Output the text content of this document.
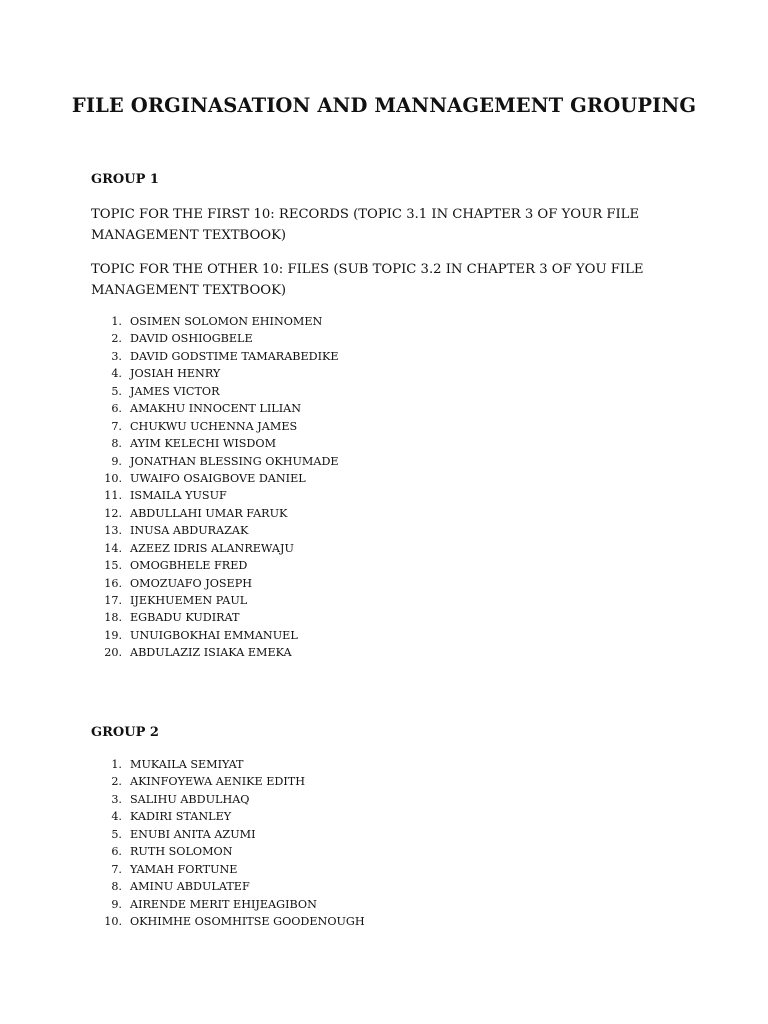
FILE ORGINASATION AND MANNAGEMENT GROUPING
GROUP 1

TOPIC FOR THE FIRST 10: RECORDS (TOPIC 3.1 IN CHAPTER 3 OF YOUR FILE MANAGEMENT TEXTBOOK)

TOPIC FOR THE OTHER 10: FILES (SUB TOPIC 3.2 IN CHAPTER 3 OF YOU FILE MANAGEMENT TEXTBOOK)

1. OSIMEN SOLOMON EHINOMEN
2. DAVID OSHIOGBELE
3. DAVID GODSTIME TAMARABEDIKE
4. JOSIAH HENRY
5. JAMES VICTOR
6. AMAKHU INNOCENT LILIAN
7. CHUKWU UCHENNA JAMES
8. AYIM KELECHI WISDOM
9. JONATHAN BLESSING OKHUMADE
10. UWAIFO OSAIGBOVE DANIEL
11. ISMAILA YUSUF
12. ABDULLAHI UMAR FARUK
13. INUSA ABDURAZAK
14. AZEEZ IDRIS ALANREWAJU
15. OMOGBHELE FRED
16. OMOZUAFO JOSEPH
17. IJEKHUEMEN PAUL
18. EGBADU KUDIRAT
19. UNUIGBOKHAI EMMANUEL
20. ABDULAZIZ ISIAKA EMEKA
GROUP 2
1. MUKAILA SEMIYAT
2. AKINFOYEWA AENIKE EDITH
3. SALIHU ABDULHAQ
4. KADIRI STANLEY
5. ENUBI ANITA AZUMI
6. RUTH SOLOMON
7. YAMAH FORTUNE
8. AMINU ABDULATEF
9. AIRENDE MERIT EHIJEAGIBON
10. OKHIMHE OSOMHITSE GOODENOUGH
